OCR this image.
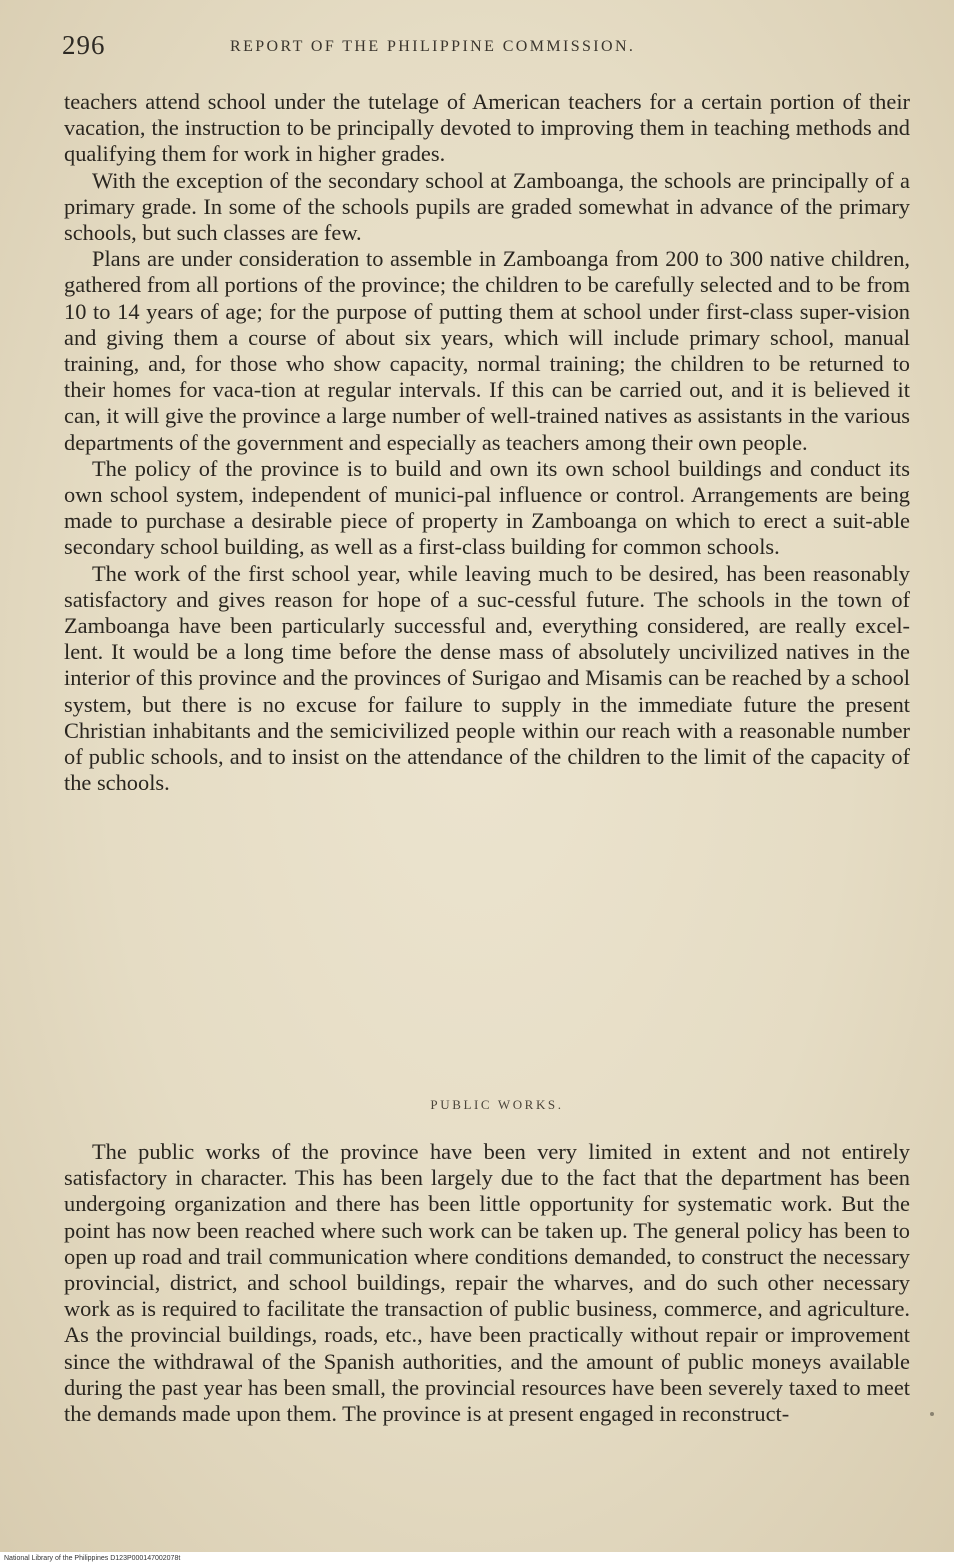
296	REPORT OF THE PHILIPPINE COMMISSION.

teachers attend school under the tutelage of American teachers for a certain portion of their vacation, the instruction to be principally devoted to improving them in teaching methods and qualifying them for work in higher grades.

With the exception of the secondary school at Zamboanga, the schools are principally of a primary grade. In some of the schools pupils are graded somewhat in advance of the primary schools, but such classes are few.

Plans are under consideration to assemble in Zamboanga from 200 to 300 native children, gathered from all portions of the province; the children to be carefully selected and to be from 10 to 14 years of age; for the purpose of putting them at school under first-class super-vision and giving them a course of about six years, which will include primary school, manual training, and, for those who show capacity, normal training; the children to be returned to their homes for vaca-tion at regular intervals. If this can be carried out, and it is believed it can, it will give the province a large number of well-trained natives as assistants in the various departments of the government and especially as teachers among their own people.

The policy of the province is to build and own its own school buildings and conduct its own school system, independent of munici-pal influence or control. Arrangements are being made to purchase a desirable piece of property in Zamboanga on which to erect a suit-able secondary school building, as well as a first-class building for common schools.

The work of the first school year, while leaving much to be desired, has been reasonably satisfactory and gives reason for hope of a suc-cessful future. The schools in the town of Zamboanga have been particularly successful and, everything considered, are really excel-lent. It would be a long time before the dense mass of absolutely uncivilized natives in the interior of this province and the provinces of Surigao and Misamis can be reached by a school system, but there is no excuse for failure to supply in the immediate future the present Christian inhabitants and the semicivilized people within our reach with a reasonable number of public schools, and to insist on the attendance of the children to the limit of the capacity of the schools.

PUBLIC WORKS.

The public works of the province have been very limited in extent and not entirely satisfactory in character. This has been largely due to the fact that the department has been undergoing organization and there has been little opportunity for systematic work. But the point has now been reached where such work can be taken up. The general policy has been to open up road and trail communication where conditions demanded, to construct the necessary provincial, district, and school buildings, repair the wharves, and do such other necessary work as is required to facilitate the transaction of public business, commerce, and agriculture. As the provincial buildings, roads, etc., have been practically without repair or improvement since the withdrawal of the Spanish authorities, and the amount of public moneys available during the past year has been small, the provincial resources have been severely taxed to meet the demands made upon them. The province is at present engaged in reconstruct-

National Library of the Philippines D123P000147002078t
